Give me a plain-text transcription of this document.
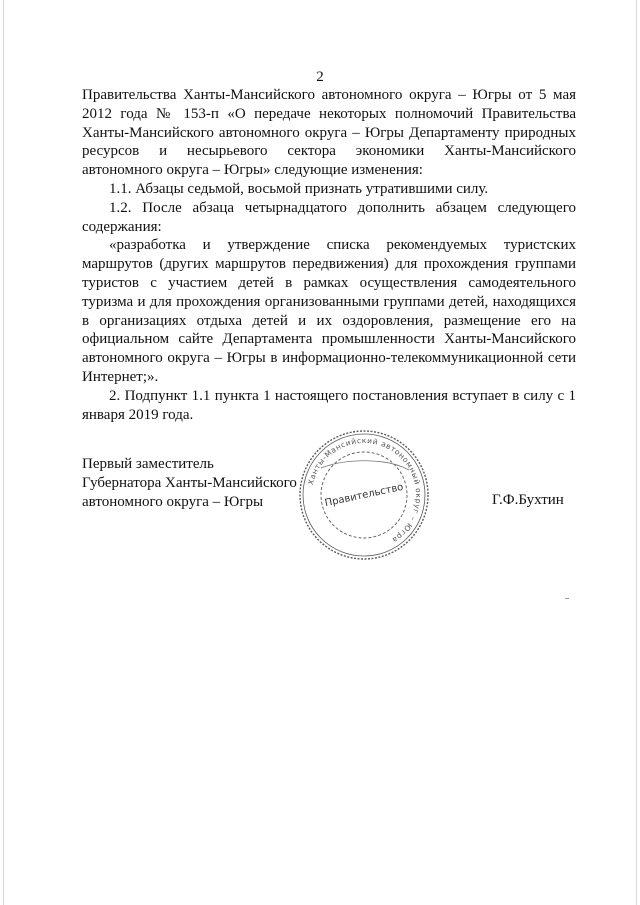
2

Правительства Ханты-Мансийского автономного округа – Югры от 5 мая 2012 года № 153-п «О передаче некоторых полномочий Правительства Ханты-Мансийского автономного округа – Югры Департаменту природных ресурсов и несырьевого сектора экономики Ханты-Мансийского автономного округа – Югры» следующие изменения:

1.1. Абзацы седьмой, восьмой признать утратившими силу.

1.2. После абзаца четырнадцатого дополнить абзацем следующего содержания:

«разработка и утверждение списка рекомендуемых туристских маршрутов (других маршрутов передвижения) для прохождения группами туристов с участием детей в рамках осуществления самодеятельного туризма и для прохождения организованными группами детей, находящихся в организациях отдыха детей и их оздоровления, размещение его на официальном сайте Департамента промышленности Ханты-Мансийского автономного округа – Югры в информационно-телекоммуникационной сети Интернет;».

2. Подпункт 1.1 пункта 1 настоящего постановления вступает в силу с 1 января 2019 года.

Первый заместитель
Губернатора Ханты-Мансийского
автономного округа – Югры
Ханты-Мансийский автономный округ – Югра
Правительство	Г.Ф.Бухтин
